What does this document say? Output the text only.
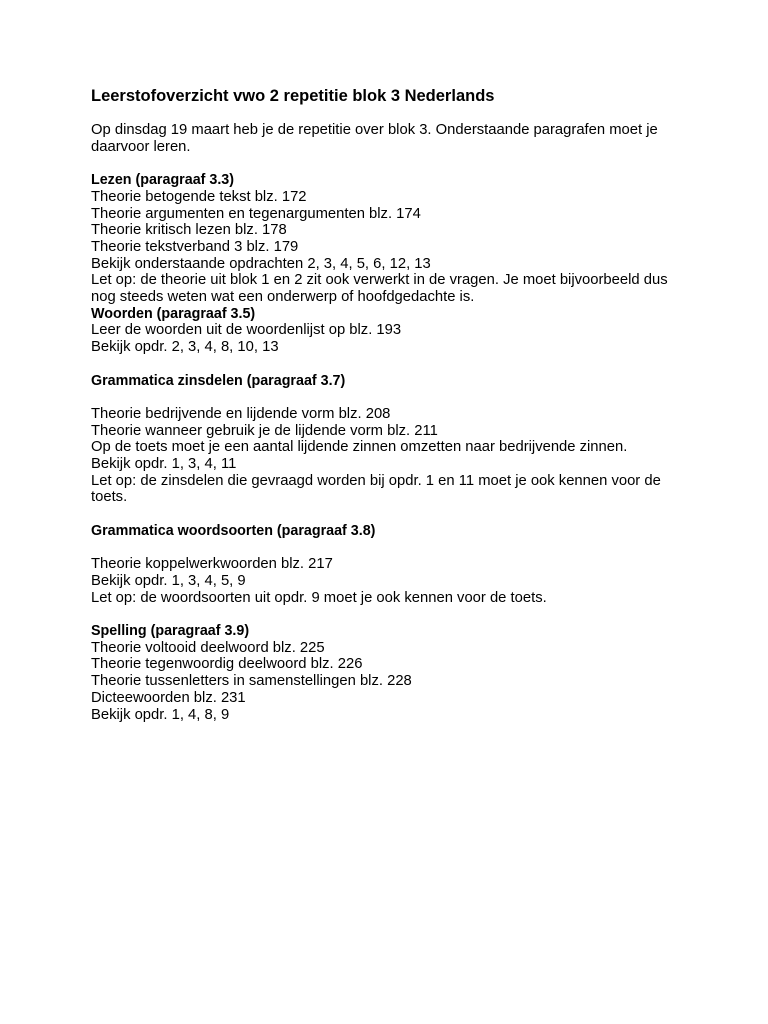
Leerstofoverzicht vwo 2 repetitie blok 3 Nederlands

Op dinsdag 19 maart heb je de repetitie over blok 3. Onderstaande paragrafen moet je daarvoor leren.

Lezen (paragraaf 3.3)

Theorie betogende tekst blz. 172

Theorie argumenten en tegenargumenten blz. 174

Theorie kritisch lezen blz. 178

Theorie tekstverband 3 blz. 179

Bekijk onderstaande opdrachten 2, 3, 4, 5, 6, 12, 13

Let op: de theorie uit blok 1 en 2 zit ook verwerkt in de vragen. Je moet bijvoorbeeld dus nog steeds weten wat een onderwerp of hoofdgedachte is.

Woorden (paragraaf 3.5)

Leer de woorden uit de woordenlijst op blz. 193

Bekijk opdr. 2, 3, 4, 8, 10, 13

Grammatica zinsdelen (paragraaf 3.7)

Theorie bedrijvende en lijdende vorm blz. 208

Theorie wanneer gebruik je de lijdende vorm blz. 211

Op de toets moet je een aantal lijdende zinnen omzetten naar bedrijvende zinnen.

Bekijk opdr. 1, 3, 4, 11

Let op: de zinsdelen die gevraagd worden bij opdr. 1 en 11 moet je ook kennen voor de toets.

Grammatica woordsoorten (paragraaf 3.8)

Theorie koppelwerkwoorden blz. 217

Bekijk opdr. 1, 3, 4, 5, 9

Let op: de woordsoorten uit opdr. 9 moet je ook kennen voor de toets.

Spelling (paragraaf 3.9)

Theorie voltooid deelwoord blz. 225

Theorie tegenwoordig deelwoord blz. 226

Theorie tussenletters in samenstellingen blz. 228

Dicteewoorden blz. 231

Bekijk opdr. 1, 4, 8, 9
